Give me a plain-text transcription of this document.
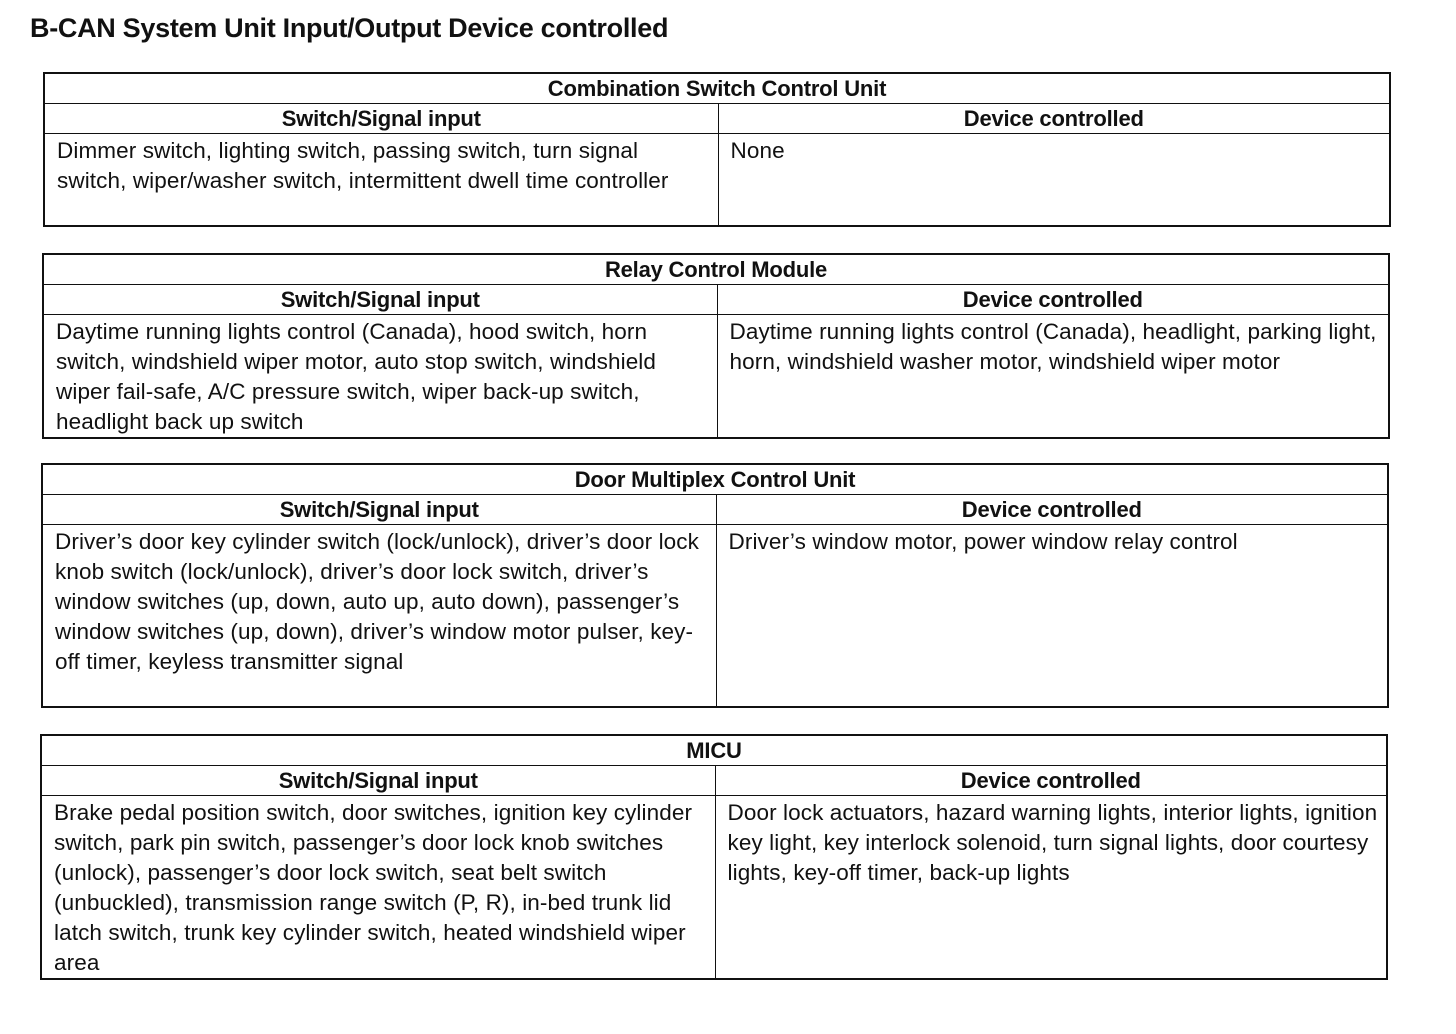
B-CAN System Unit Input/Output Device controlled
Combination Switch Control Unit	
Switch/Signal input	Device controlled
Dimmer switch, lighting switch, passing switch, turn signal switch, wiper/washer switch, intermittent dwell time controller	None
Relay Control Module	
Switch/Signal input	Device controlled
Daytime running lights control (Canada), hood switch, horn switch, windshield wiper motor, auto stop switch, windshield wiper fail-safe, A/C pressure switch, wiper back-up switch, headlight back up switch	Daytime running lights control (Canada), headlight, parking light, horn, windshield washer motor, windshield wiper motor
Door Multiplex Control Unit	
Switch/Signal input	Device controlled
Driver’s door key cylinder switch (lock/unlock), driver’s door lock knob switch (lock/unlock), driver’s door lock switch, driver’s window switches (up, down, auto up, auto down), passenger’s window switches (up, down), driver’s window motor pulser, key-off timer, keyless transmitter signal	Driver’s window motor, power window relay control
MICU	
Switch/Signal input	Device controlled
Brake pedal position switch, door switches, ignition key cylinder switch, park pin switch, passenger’s door lock knob switches (unlock), passenger’s door lock switch, seat belt switch (unbuckled), transmission range switch (P, R), in-bed trunk lid latch switch, trunk key cylinder switch, heated windshield wiper area	Door lock actuators, hazard warning lights, interior lights, ignition key light, key interlock solenoid, turn signal lights, door courtesy lights, key-off timer, back-up lights
